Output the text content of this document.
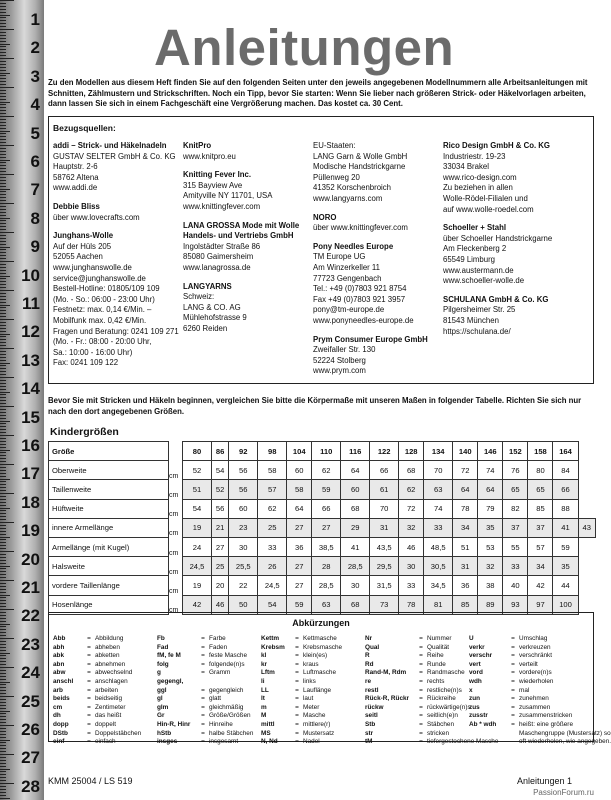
1
2
3
4
5
6
7
8
9
10
11
12
13
14
15
16
17
18
19
20
21
22
23
24
25
26
27
28
Anleitungen
Zu den Modellen aus diesem Heft finden Sie auf den folgenden Seiten unter den jeweils angegebenen Modellnummern alle Arbeitsanleitungen mit Schnitten, Zählmustern und Strickschriften. Noch ein Tipp, bevor Sie starten: Wenn Sie lieber nach größeren Strick- oder Häkelvorlagen arbeiten, dann lassen Sie sich in einem Fachgeschäft eine Vergrößerung machen. Das kostet ca. 30 Cent.
Bezugsquellen:
addi – Strick- und Häkelnadeln
GUSTAV SELTER GmbH & Co. KG
Hauptstr. 2-6
58762 Altena
www.addi.de
Debbie Bliss
über www.lovecrafts.com
Junghans-Wolle
Auf der Hüls 205
52055 Aachen
www.junghanswolle.de
service@junghanswolle.de
Bestell-Hotline: 01805/109 109
(Mo. - So.: 06:00 - 23:00 Uhr)
Festnetz: max. 0,14 €/Min. –
Mobilfunk max. 0,42 €/Min.
Fragen und Beratung: 0241 109 271
(Mo. - Fr.: 08:00 - 20:00 Uhr,
Sa.: 10:00 - 16:00 Uhr)
Fax: 0241 109 122
KnitPro
www.knitpro.eu
Knitting Fever Inc.
315 Bayview Ave
Amityville NY 11701, USA
www.knittingfever.com
LANA GROSSA Mode mit Wolle Handels- und Vertriebs GmbH
Ingolstädter Straße 86
85080 Gaimersheim
www.lanagrossa.de
LANGYARNS
Schweiz:
LANG & CO. AG
Mühlehofstrasse 9
6260 Reiden
EU-Staaten:
LANG Garn & Wolle GmbH
Modische Handstrickgarne
Püllenweg 20
41352 Korschenbroich
www.langyarns.com
NORO
über www.knittingfever.com
Pony Needles Europe
TM Europe UG
Am Winzerkeller 11
77723 Gengenbach
Tel.: +49 (0)7803 921 8754
Fax +49 (0)7803 921 3957
pony@tm-europe.de
www.ponyneedles-europe.de
Prym Consumer Europe GmbH
Zweifaller Str. 130
52224 Stolberg
www.prym.com
Rico Design GmbH & Co. KG
Industriestr. 19-23
33034 Brakel
www.rico-design.com
Zu beziehen in allen
Wolle-Rödel-Filialen und
auf www.wolle-roedel.com
Schoeller + Stahl
über Schoeller Handstrickgarne
Am Fleckenberg 2
65549 Limburg
www.austermann.de
www.schoeller-wolle.de
SCHULANA GmbH & Co. KG
Pilgersheimer Str. 25
81543 München
https://schulana.de/
Bevor Sie mit Stricken und Häkeln beginnen, vergleichen Sie bitte die Körpermaße mit unseren Maßen in folgender Tabelle. Richten Sie sich nur nach den dort angegebenen Größen.
Kindergrößen
Größe		80	86	92	98	104	110	116	122	128	134	140	146	152	158	164	
Oberweite	cm	52	54	56	58	60	62	64	66	68	70	72	74	76	80	84	
Taillenweite	cm	51	52	56	57	58	59	60	61	62	63	64	64	65	65	66	
Hüftweite	cm	54	56	60	62	64	66	68	70	72	74	78	79	82	85	88	
innere Armellänge	cm	19	21	23	25	27	27	29	31	32	33	34	35	37	37	41	43
Armellänge (mit Kugel)	cm	24	27	30	33	36	38,5	41	43,5	46	48,5	51	53	55	57	59	
Halsweite	cm	24,5	25	25,5	26	27	28	28,5	29,5	30	30,5	31	32	33	34	35	
vordere Taillenlänge	cm	19	20	22	24,5	27	28,5	30	31,5	33	34,5	36	38	40	42	44	
Hosenlänge	cm	42	46	50	54	59	63	68	73	78	81	85	89	93	97	100	
Abkürzungen
Abb	= Abbildung
abh	= abheben
abk	= abketten
abn	= abnehmen
abw	= abwechselnd
anschl = anschlagen
arb	= arbeiten
beids	= beidseitig
cm	= Zentimeter
dh	= das heißt
dopp	= doppelt
DStb	= Doppelstäbchen
einf	= einfach
Fb	= Farbe
Fad	= Faden
fM, fe M	= feste Masche
folg	= folgende(n)s
g	= Gramm
gegengl,
ggl	= gegengleich
gl	= glatt
glm	= gleichmäßig
Gr	= Größe/Größen
Hin-R, Hinr = Hinreihe
hStb	= halbe Stäbchen
insges	= insgesamt
Kettm	= Kettmasche
Krebsm = Krebsmasche
kl	= klein(es)
kr	= kraus
Lftm	= Luftmasche
li	= links
LL	= Lauflänge
lt	= laut
m	= Meter
M	= Masche
mittl	= mittlere(r)
MS	= Mustersatz
N, Nd	= Nadel
Nr	= Nummer
Qual	= Qualität
R	= Reihe
Rd	= Runde
Rand-M, Rdm = Randmasche
re	= rechts
restl	= restliche(n)s
Rück-R, Rückr = Rückreihe
rückw	= rückwärtige(n)s
seitl	= seitlich(e)n
Stb	= Stäbchen
str	= stricken
tM	= tiefergestochene Masche
U	= Umschlag
verkr	= verkreuzen
verschr	= verschränkt
vert	= verteilt
vord	= vordere(n)s
wdh	= wiederholen
x	= mal
zun	= zunehmen
zus	= zusammen
zusstr	= zusammenstricken
Ab * wdh = heißt: eine größere
Maschengruppe (Mustersatz) so
oft wiederholen, wie angegeben.
KMM 25004 / LS 519	Anleitungen 1
PassionForum.ru
